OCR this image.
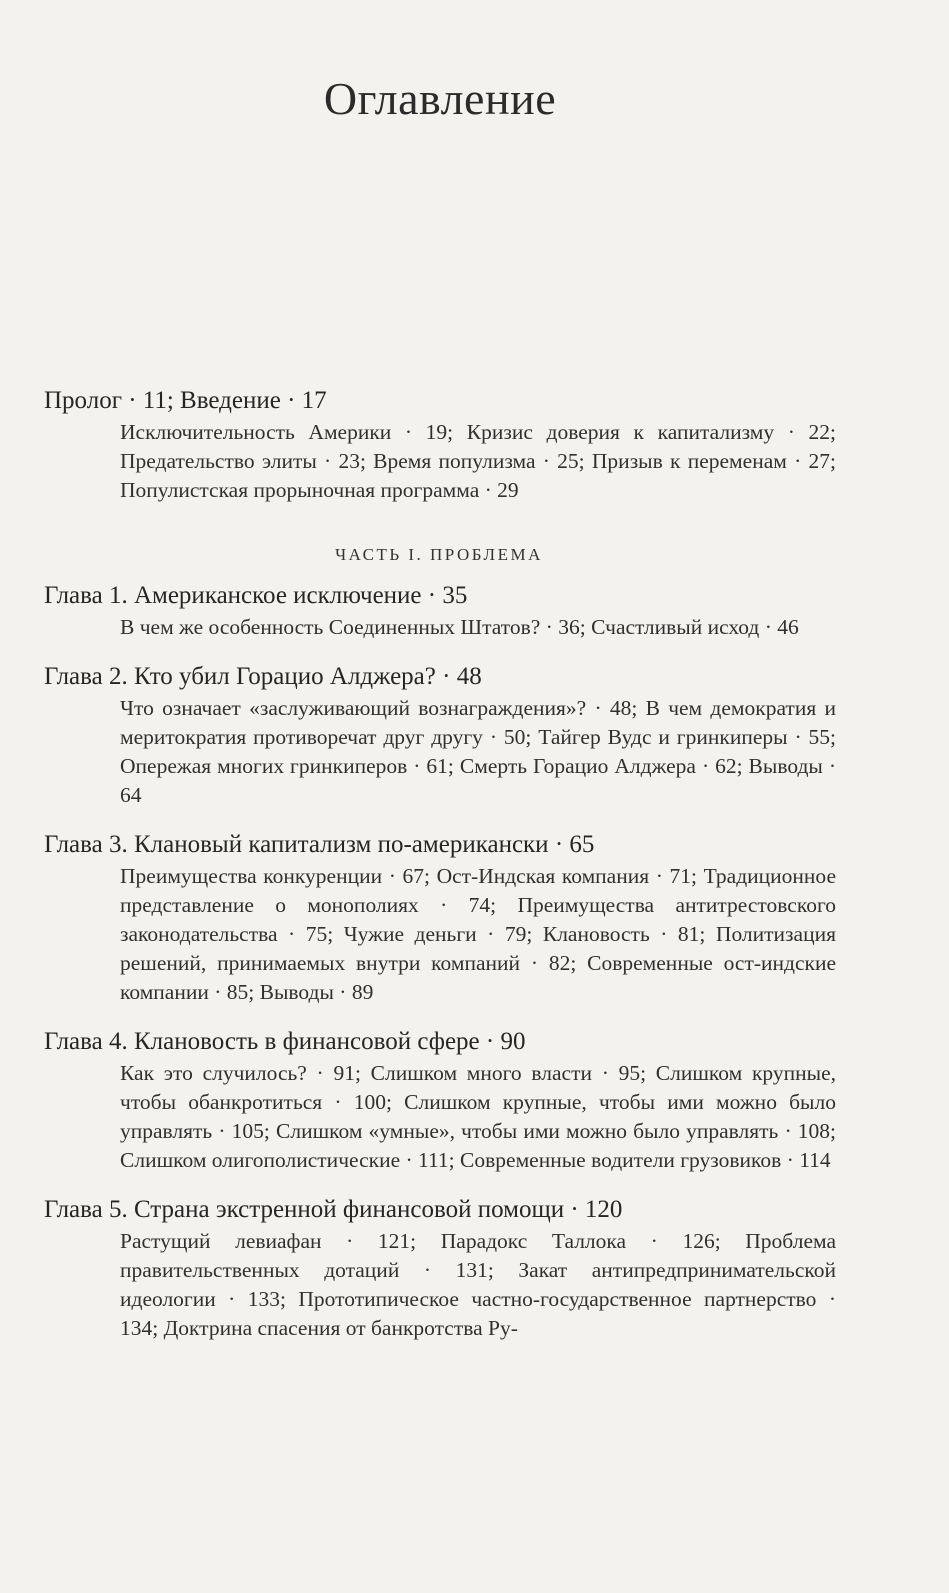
Оглавление
Пролог · 11; Введение · 17
Исключительность Америки · 19; Кризис доверия к капитализму · 22; Предательство элиты · 23; Время популизма · 25; Призыв к переменам · 27; Популистская прорыночная программа · 29
ЧАСТЬ I. ПРОБЛЕМА
Глава 1. Американское исключение · 35
В чем же особенность Соединенных Штатов? · 36; Счастливый исход · 46
Глава 2. Кто убил Горацио Алджера? · 48
Что означает «заслуживающий вознаграждения»? · 48; В чем демократия и меритократия противоречат друг другу · 50; Тайгер Вудс и гринкиперы · 55; Опережая многих гринкиперов · 61; Смерть Горацио Алджера · 62; Выводы · 64
Глава 3. Клановый капитализм по-американски · 65
Преимущества конкуренции · 67; Ост-Индская компания · 71; Традиционное представление о монополиях · 74; Преимущества антитрестовского законодательства · 75; Чужие деньги · 79; Клановость · 81; Политизация решений, принимаемых внутри компаний · 82; Современные ост-индские компании · 85; Выводы · 89
Глава 4. Клановость в финансовой сфере · 90
Как это случилось? · 91; Слишком много власти · 95; Слишком крупные, чтобы обанкротиться · 100; Слишком крупные, чтобы ими можно было управлять · 105; Слишком «умные», чтобы ими можно было управлять · 108; Слишком олигополистические · 111; Современные водители грузовиков · 114
Глава 5. Страна экстренной финансовой помощи · 120
Растущий левиафан · 121; Парадокс Таллока · 126; Проблема правительственных дотаций · 131; Закат антипредпринимательской идеологии · 133; Прототипическое частно-государственное партнерство · 134; Доктрина спасения от банкротства Ру-
